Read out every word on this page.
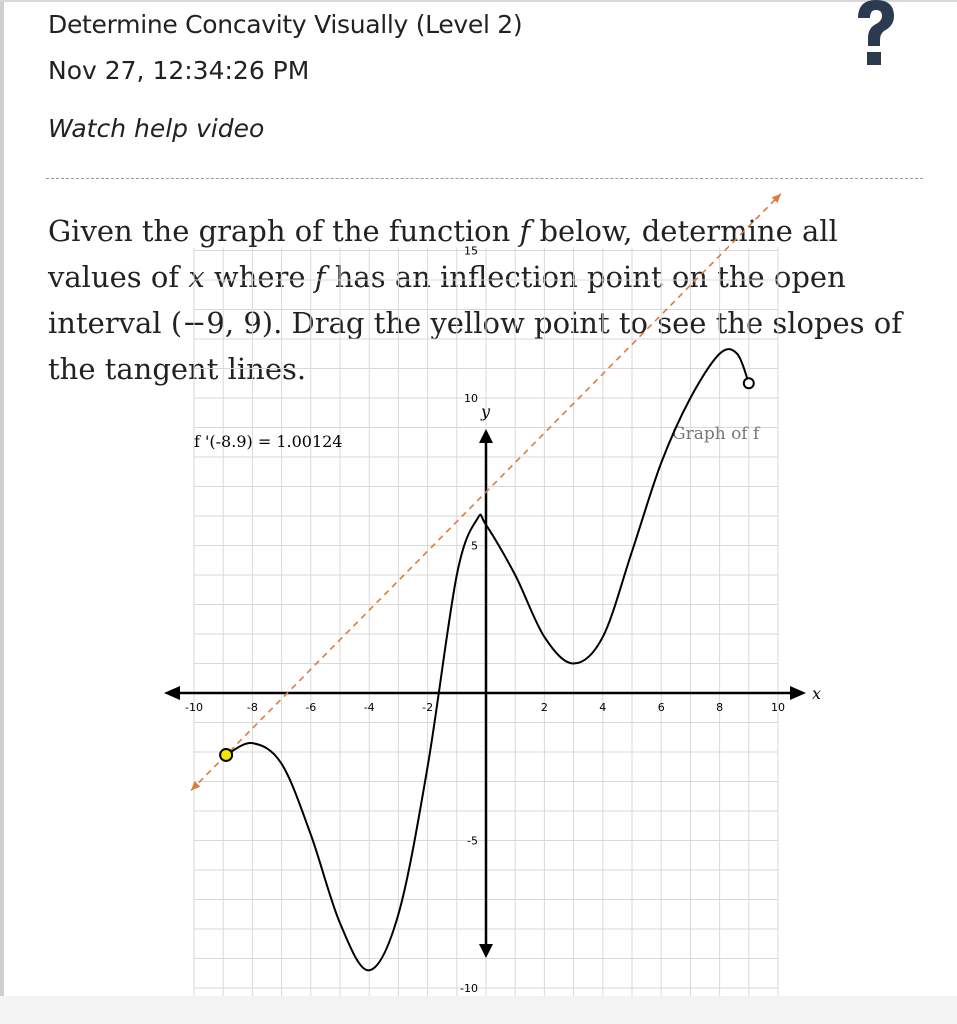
Determine Concavity Visually (Level 2)
Nov 27, 12:34:26 PM
Watch help video
Given the graph of the function f below, determine all values of x where f has an inflection point on the open interval (−9, 9). Drag the yellow point to see the slopes of the tangent lines.
-10	-8	-6	-4	-2	2	4	6	8	10
15
10
5
-5
-10
x
y
f '(-8.9) = 1.00124	Graph of f
